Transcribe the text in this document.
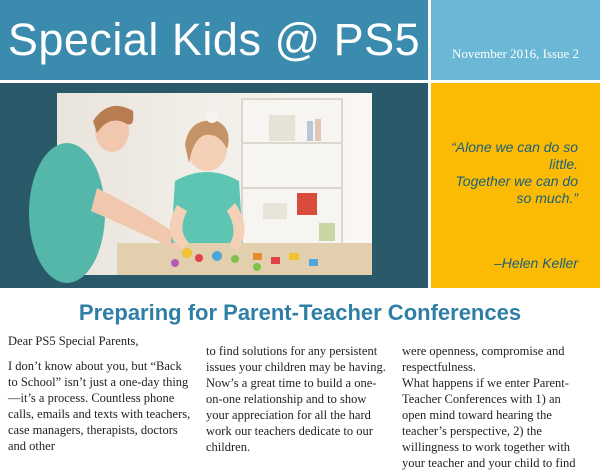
Special Kids @ PS5	November 2016, Issue 2
“Alone we can do so
little.
Together we can do
so much.”
–Helen Keller
Preparing for Parent-Teacher Conferences

Dear PS5 Special Parents,

I don’t know about you, but “Back to School” isn’t just a one-day thing—it’s a process. Countless phone calls, emails and texts with teachers, case managers, therapists, doctors and other

to find solutions for any persistent issues your children may be having. Now’s a great time to build a one-on-one relationship and to show your appreciation for all the hard work our teachers dedicate to our children.

were openness, compromise and respectfulness.

What happens if we enter Parent-Teacher Conferences with 1) an open mind toward hearing the teacher’s perspective, 2) the willingness to work together with your teacher and your child to find
